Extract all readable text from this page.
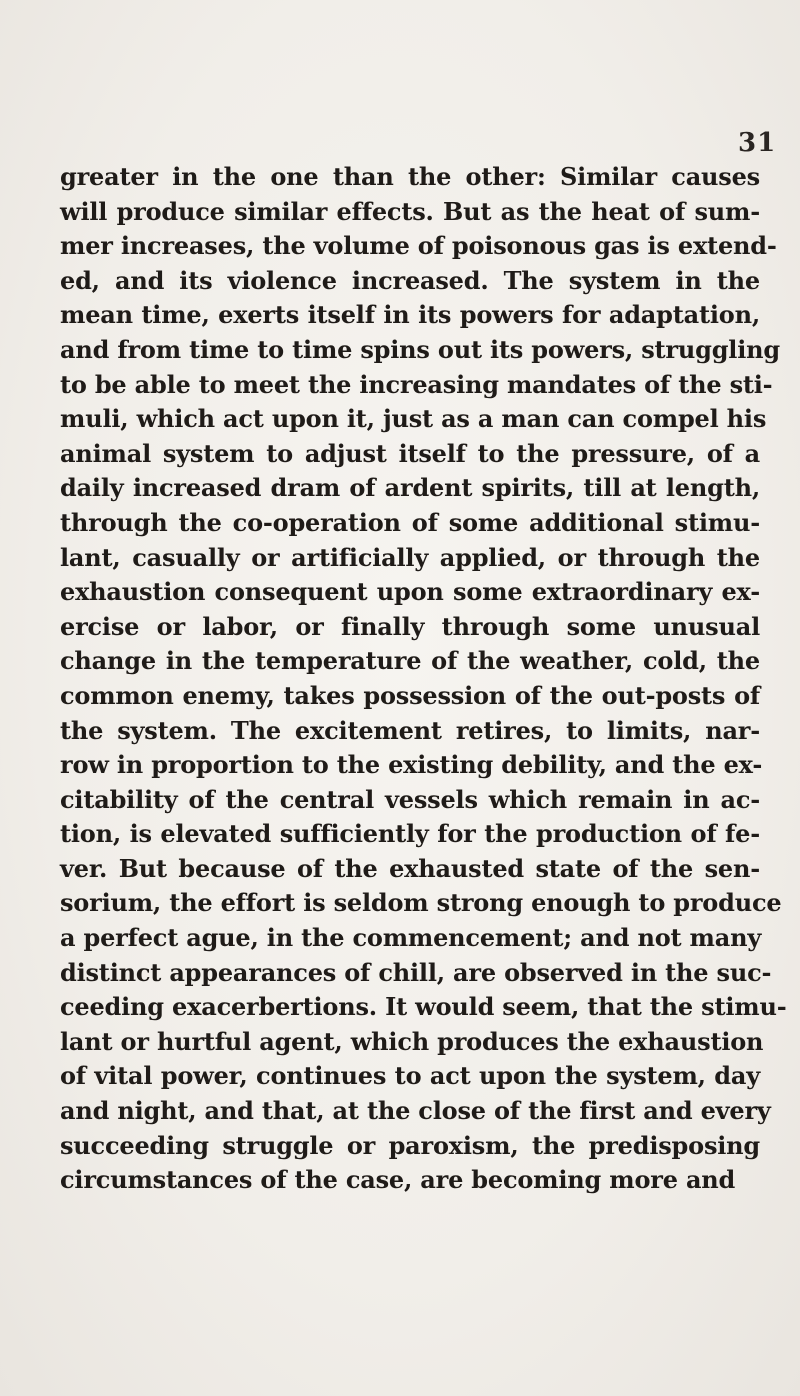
31
greater in the one than the other: Similar causes
will produce similar effects. But as the heat of sum-
mer increases, the volume of poisonous gas is extend-
ed, and its violence increased. The system in the
mean time, exerts itself in its powers for adaptation,
and from time to time spins out its powers, struggling
to be able to meet the increasing mandates of the sti-
muli, which act upon it, just as a man can compel his
animal system to adjust itself to the pressure, of a
daily increased dram of ardent spirits, till at length,
through the co-operation of some additional stimu-
lant, casually or artificially applied, or through the
exhaustion consequent upon some extraordinary ex-
ercise or labor, or finally through some unusual
change in the temperature of the weather, cold, the
common enemy, takes possession of the out-posts of
the system. The excitement retires, to limits, nar-
row in proportion to the existing debility, and the ex-
citability of the central vessels which remain in ac-
tion, is elevated sufficiently for the production of fe-
ver. But because of the exhausted state of the sen-
sorium, the effort is seldom strong enough to produce
a perfect ague, in the commencement; and not many
distinct appearances of chill, are observed in the suc-
ceeding exacerbertions. It would seem, that the stimu-
lant or hurtful agent, which produces the exhaustion
of vital power, continues to act upon the system, day
and night, and that, at the close of the first and every
succeeding struggle or paroxism, the predisposing
circumstances of the case, are becoming more and
